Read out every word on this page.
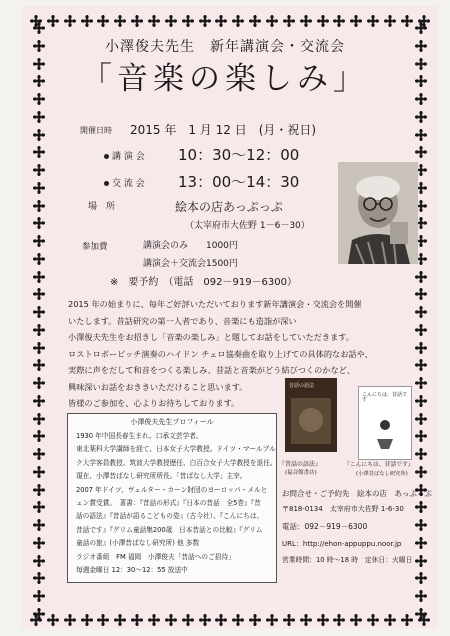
小澤俊夫先生　新年講演会・交流会
「音楽の楽しみ」
開催日時 2015 年　1 月 12 日　(月・祝日)
講 演 会 10：30〜12：00
交 流 会 13：00〜14：30
場　所	絵本の店あっぷっぷ
（太宰府市大佐野 1－6－30）
参加費	講演会のみ 1000円
講演会＋交流会 1500円
※　要予約　（電話　092－919－6300）
2015 年の始まりに、毎年ご好評いただいております新年講演会・交流会を開催
いたします。昔話研究の第一人者であり、音楽にも造詣が深い
小澤俊夫先生をお招きし「音楽の楽しみ」と題してお話をしていただきます。
ロストロポービッチ演奏のハイドン チェロ協奏曲を取り上げての具体的なお話や、
実際に声をだして和音をつくる楽しみ、昔話と音楽がどう結びつくのかなど、
興味深いお話をおききいただけること思います。
皆様のご参加を、心よりお待ちしております。
小澤俊夫先生プロフィール
1930 年中国長春生まれ。口承文芸学者。
東北薬科大学講師を経て、日本女子大学教授。ドイツ・マールブル
ク大学客員教授、筑波大学教授歴任、白百合女子大学教授を退任。
現在、小澤昔ばなし研究所所長。「昔ばなし大学」主宰。
2007 年ドイツ、ヴェルター・カーン財団のヨーロッパ・メルヒ
ェン賞受賞。　著書：『昔話の形式』『日本の昔話　全5巻』『昔
話の語法』『昔話が語るこどもの姿』（古今社）、『こんにちは、
昔話です』『グリム童話集200歳　日本昔話との比較』『グリム
童話の旅』(小澤昔ばなし研究所) 他 多数
ラジオ番組　FM 福岡　小澤俊夫「昔話へのご招待」
毎週金曜日 12：30〜12：55 放送中
昔話の語法
『昔話の語法』
(福音館書店)
こんにちは、昔話です
『こんにちは、昔話です』
(小澤昔ばなし研究所)
お問合せ・ご予約先　絵本の店　あっぷっぷ
〒818-0134　太宰府市大佐野 1-6-30
電話：092－919－6300
URL：http://ehon-appuppu.noor.jp
営業時間：10 時〜18 時　定休日：火曜日
